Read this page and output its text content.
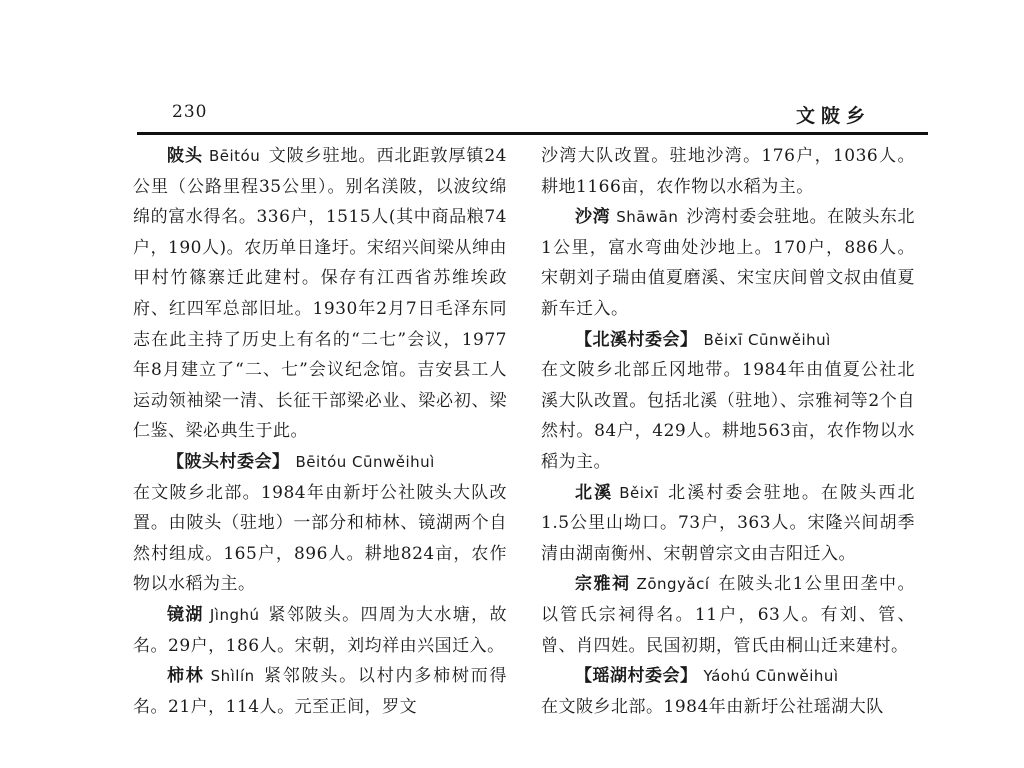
230	文陂乡

陂头 Bēitóu 文陂乡驻地。西北距敦厚镇24公里（公路里程35公里）。别名渼陂，以波纹绵绵的富水得名。336户，1515人(其中商品粮74户，190人)。农历单日逢圩。宋绍兴间梁从绅由甲村竹篠寨迁此建村。保存有江西省苏维埃政府、红四军总部旧址。1930年2月7日毛泽东同志在此主持了历史上有名的“二七”会议，1977年8月建立了“二、七”会议纪念馆。吉安县工人运动领袖梁一清、长征干部梁必业、梁必初、梁仁鉴、梁必典生于此。

【陂头村委会】 Bēitóu Cūnwěihuì

在文陂乡北部。1984年由新圩公社陂头大队改置。由陂头（驻地）一部分和柿林、镜湖两个自然村组成。165户，896人。耕地824亩，农作物以水稻为主。

镜湖 Jìnghú 紧邻陂头。四周为大水塘，故名。29户，186人。宋朝，刘均祥由兴国迁入。

柿林 Shìlín 紧邻陂头。以村内多柿树而得名。21户，114人。元至正间，罗文

沙湾大队改置。驻地沙湾。176户，1036人。耕地1166亩，农作物以水稻为主。

沙湾 Shāwān 沙湾村委会驻地。在陂头东北1公里，富水弯曲处沙地上。170户，886人。宋朝刘子瑞由值夏磨溪、宋宝庆间曾文叔由值夏新车迁入。

【北溪村委会】 Běixī Cūnwěihuì

在文陂乡北部丘冈地带。1984年由值夏公社北溪大队改置。包括北溪（驻地）、宗雅祠等2个自然村。84户，429人。耕地563亩，农作物以水稻为主。

北溪 Běixī 北溪村委会驻地。在陂头西北1.5公里山坳口。73户，363人。宋隆兴间胡季清由湖南衡州、宋朝曾宗文由吉阳迁入。

宗雅祠 Zōngyǎcí 在陂头北1公里田垄中。以管氏宗祠得名。11户，63人。有刘、管、曾、肖四姓。民国初期，管氏由桐山迁来建村。

【瑶湖村委会】 Yáohú Cūnwěihuì

在文陂乡北部。1984年由新圩公社瑶湖大队
